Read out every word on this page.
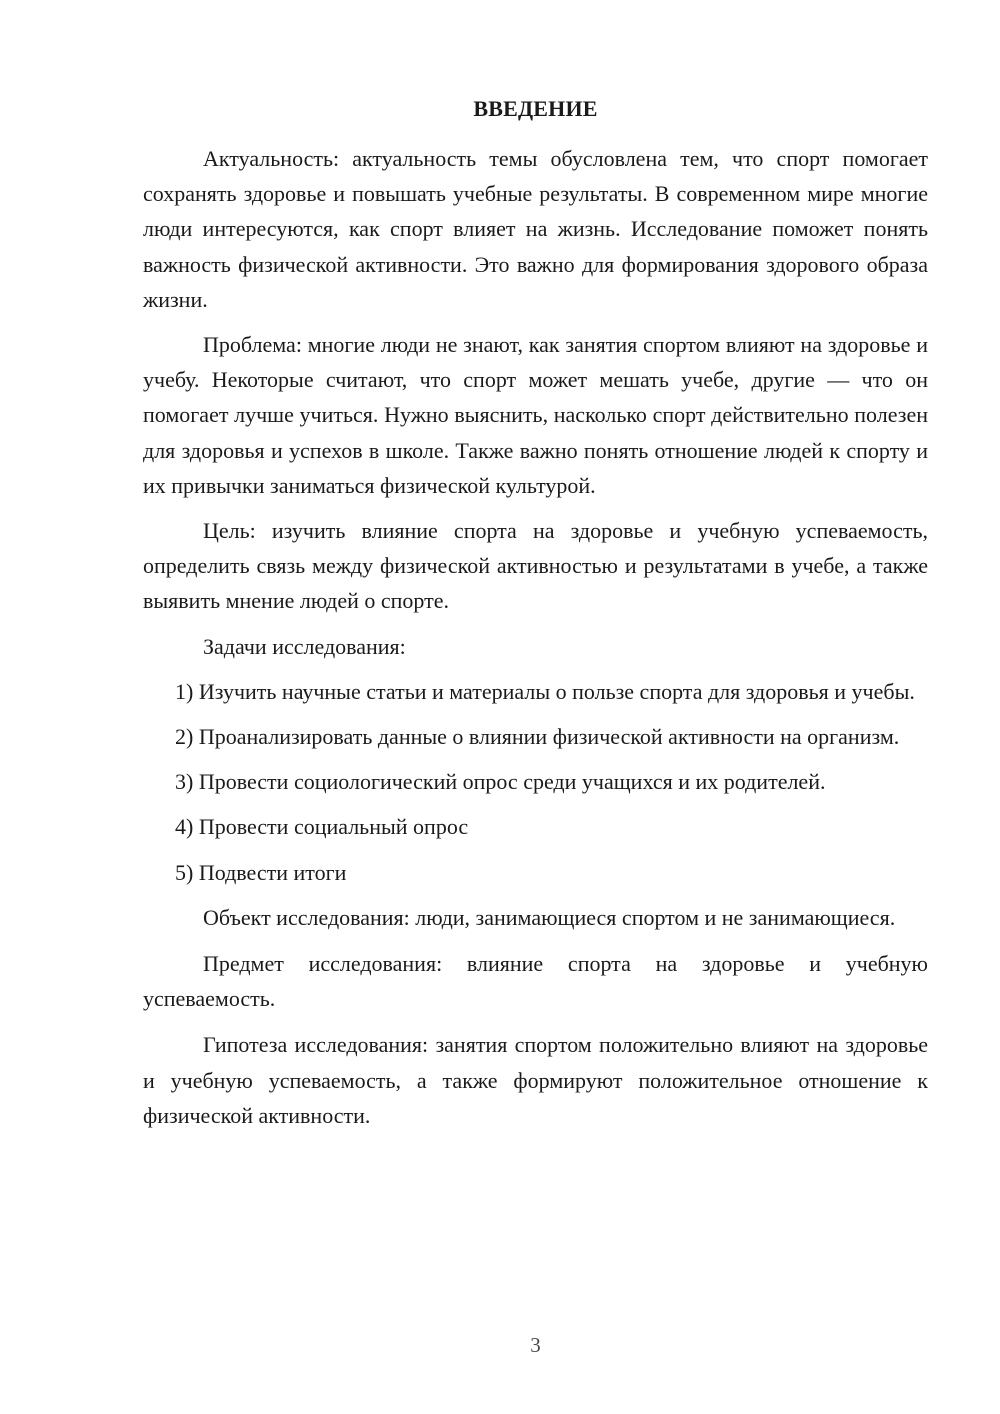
ВВЕДЕНИЕ

Актуальность: актуальность темы обусловлена тем, что спорт помогает сохранять здоровье и повышать учебные результаты. В современном мире многие люди интересуются, как спорт влияет на жизнь. Исследование поможет понять важность физической активности. Это важно для формирования здорового образа жизни.

Проблема: многие люди не знают, как занятия спортом влияют на здоровье и учебу. Некоторые считают, что спорт может мешать учебе, другие — что он помогает лучше учиться. Нужно выяснить, насколько спорт действительно полезен для здоровья и успехов в школе. Также важно понять отношение людей к спорту и их привычки заниматься физической культурой.

Цель: изучить влияние спорта на здоровье и учебную успеваемость, определить связь между физической активностью и результатами в учебе, а также выявить мнение людей о спорте.

Задачи исследования:

1) Изучить научные статьи и материалы о пользе спорта для здоровья и учебы.

2) Проанализировать данные о влиянии физической активности на организм.

3) Провести социологический опрос среди учащихся и их родителей.

4) Провести социальный опрос

5) Подвести итоги

Объект исследования: люди, занимающиеся спортом и не занимающиеся.

Предмет исследования: влияние спорта на здоровье и учебную успеваемость.

Гипотеза исследования: занятия спортом положительно влияют на здоровье и учебную успеваемость, а также формируют положительное отношение к физической активности.

3
